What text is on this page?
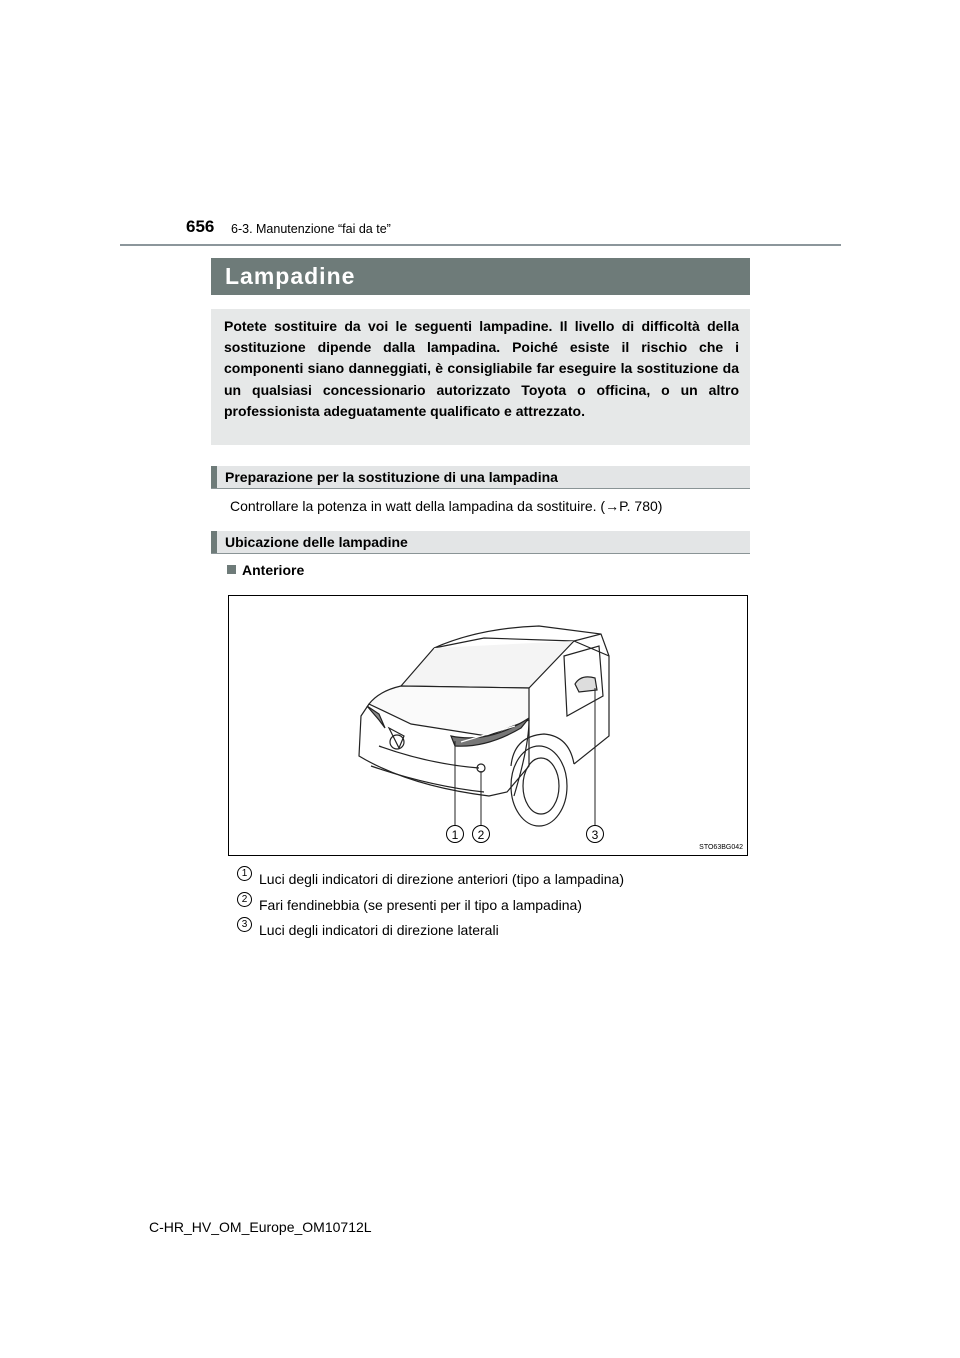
656 6-3. Manutenzione “fai da te”
Lampadine
Potete sostituire da voi le seguenti lampadine. Il livello di difficoltà della sostituzione dipende dalla lampadina. Poiché esiste il rischio che i componenti siano danneggiati, è consigliabile far eseguire la sostituzione da un qualsiasi concessionario autorizzato Toyota o officina, o un altro professionista adeguatamente qualificato e attrezzato.
Preparazione per la sostituzione di una lampadina
Controllare la potenza in watt della lampadina da sostituire. (→P. 780)
Ubicazione delle lampadine
Anteriore
1	2	3
STO63BG042
1 Luci degli indicatori di direzione anteriori (tipo a lampadina)
2 Fari fendinebbia (se presenti per il tipo a lampadina)
3 Luci degli indicatori di direzione laterali
C-HR_HV_OM_Europe_OM10712L
